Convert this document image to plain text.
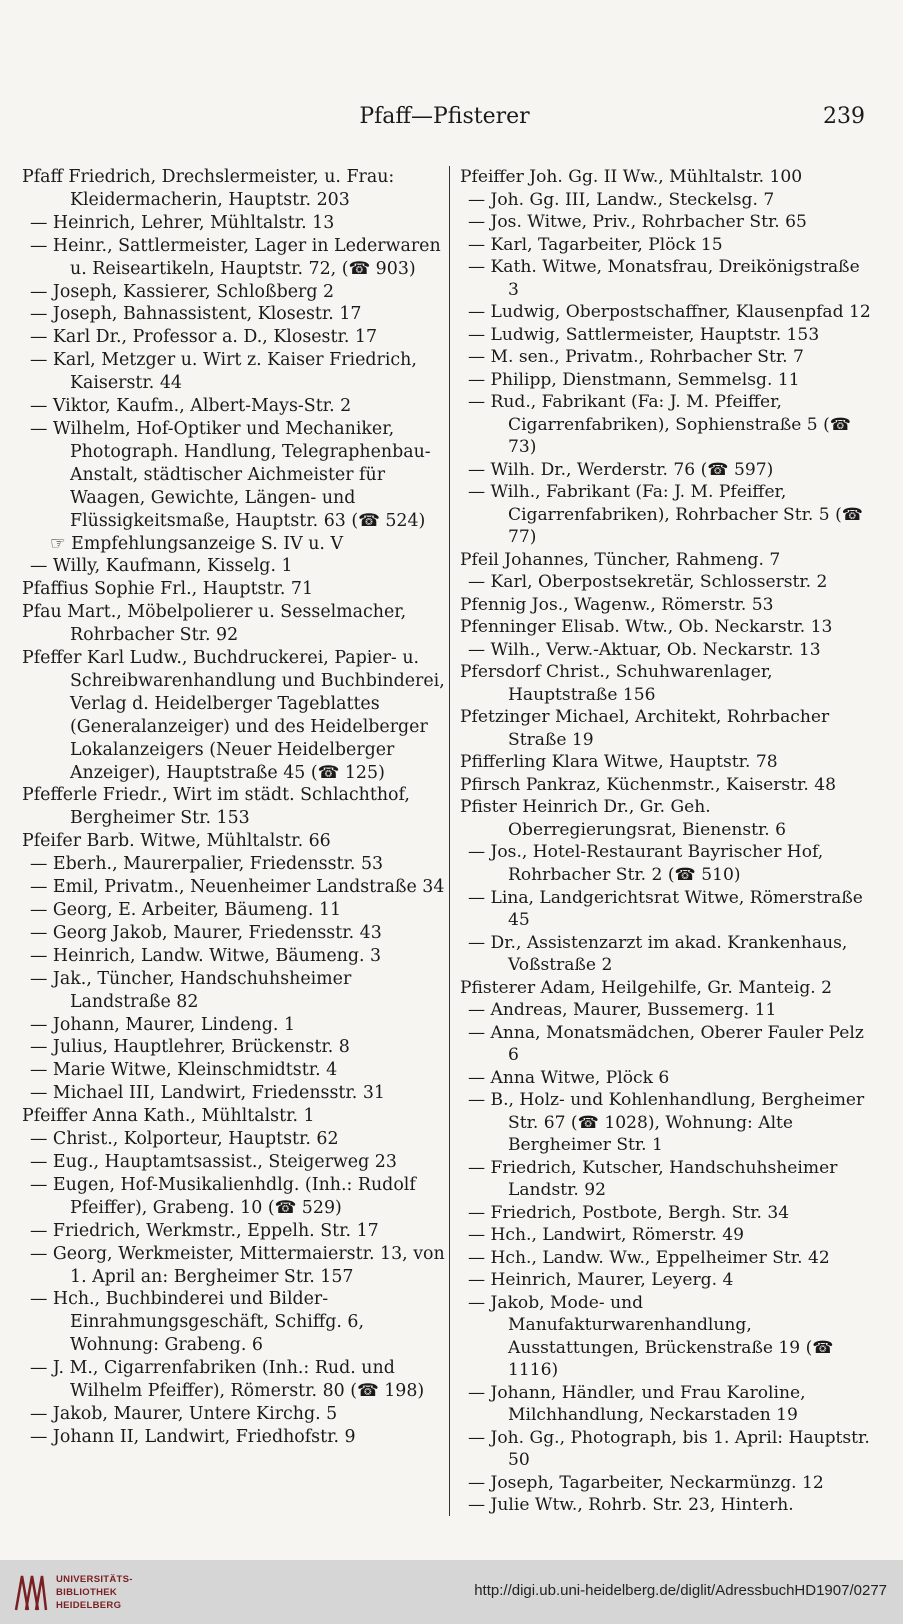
Pfaff—Pfisterer	239

Pfaff Friedrich, Drechslermeister, u. Frau: Kleidermacherin, Hauptstr. 203

— Heinrich, Lehrer, Mühltalstr. 13

— Heinr., Sattlermeister, Lager in Lederwaren u. Reiseartikeln, Hauptstr. 72, (☎ 903)

— Joseph, Kassierer, Schloßberg 2

— Joseph, Bahnassistent, Klosestr. 17

— Karl Dr., Professor a. D., Klosestr. 17

— Karl, Metzger u. Wirt z. Kaiser Friedrich, Kaiserstr. 44

— Viktor, Kaufm., Albert-Mays-Str. 2

— Wilhelm, Hof-Optiker und Mechaniker, Photograph. Handlung, Telegraphenbau-Anstalt, städtischer Aichmeister für Waagen, Gewichte, Längen- und Flüssigkeitsmaße, Hauptstr. 63 (☎ 524)

☞ Empfehlungsanzeige S. IV u. V

— Willy, Kaufmann, Kisselg. 1

Pfaffius Sophie Frl., Hauptstr. 71

Pfau Mart., Möbelpolierer u. Sesselmacher, Rohrbacher Str. 92

Pfeffer Karl Ludw., Buchdruckerei, Papier- u. Schreibwarenhandlung und Buchbinderei, Verlag d. Heidelberger Tageblattes (Generalanzeiger) und des Heidelberger Lokalanzeigers (Neuer Heidelberger Anzeiger), Hauptstraße 45 (☎ 125)

Pfefferle Friedr., Wirt im städt. Schlachthof, Bergheimer Str. 153

Pfeifer Barb. Witwe, Mühltalstr. 66

— Eberh., Maurerpalier, Friedensstr. 53

— Emil, Privatm., Neuenheimer Landstraße 34

— Georg, E. Arbeiter, Bäumeng. 11

— Georg Jakob, Maurer, Friedensstr. 43

— Heinrich, Landw. Witwe, Bäumeng. 3

— Jak., Tüncher, Handschuhsheimer Landstraße 82

— Johann, Maurer, Lindeng. 1

— Julius, Hauptlehrer, Brückenstr. 8

— Marie Witwe, Kleinschmidtstr. 4

— Michael III, Landwirt, Friedensstr. 31

Pfeiffer Anna Kath., Mühltalstr. 1

— Christ., Kolporteur, Hauptstr. 62

— Eug., Hauptamtsassist., Steigerweg 23

— Eugen, Hof-Musikalienhdlg. (Inh.: Rudolf Pfeiffer), Grabeng. 10 (☎ 529)

— Friedrich, Werkmstr., Eppelh. Str. 17

— Georg, Werkmeister, Mittermaierstr. 13, von 1. April an: Bergheimer Str. 157

— Hch., Buchbinderei und Bilder-Einrahmungsgeschäft, Schiffg. 6, Wohnung: Grabeng. 6

— J. M., Cigarrenfabriken (Inh.: Rud. und Wilhelm Pfeiffer), Römerstr. 80 (☎ 198)

— Jakob, Maurer, Untere Kirchg. 5

— Johann II, Landwirt, Friedhofstr. 9

Pfeiffer Joh. Gg. II Ww., Mühltalstr. 100

— Joh. Gg. III, Landw., Steckelsg. 7

— Jos. Witwe, Priv., Rohrbacher Str. 65

— Karl, Tagarbeiter, Plöck 15

— Kath. Witwe, Monatsfrau, Dreikönigstraße 3

— Ludwig, Oberpostschaffner, Klausenpfad 12

— Ludwig, Sattlermeister, Hauptstr. 153

— M. sen., Privatm., Rohrbacher Str. 7

— Philipp, Dienstmann, Semmelsg. 11

— Rud., Fabrikant (Fa: J. M. Pfeiffer, Cigarrenfabriken), Sophienstraße 5 (☎ 73)

— Wilh. Dr., Werderstr. 76 (☎ 597)

— Wilh., Fabrikant (Fa: J. M. Pfeiffer, Cigarrenfabriken), Rohrbacher Str. 5 (☎ 77)

Pfeil Johannes, Tüncher, Rahmeng. 7

— Karl, Oberpostsekretär, Schlosserstr. 2

Pfennig Jos., Wagenw., Römerstr. 53

Pfenninger Elisab. Wtw., Ob. Neckarstr. 13

— Wilh., Verw.-Aktuar, Ob. Neckarstr. 13

Pfersdorf Christ., Schuhwarenlager, Hauptstraße 156

Pfetzinger Michael, Architekt, Rohrbacher Straße 19

Pfifferling Klara Witwe, Hauptstr. 78

Pfirsch Pankraz, Küchenmstr., Kaiserstr. 48

Pfister Heinrich Dr., Gr. Geh. Oberregierungsrat, Bienenstr. 6

— Jos., Hotel-Restaurant Bayrischer Hof, Rohrbacher Str. 2 (☎ 510)

— Lina, Landgerichtsrat Witwe, Römerstraße 45

— Dr., Assistenzarzt im akad. Krankenhaus, Voßstraße 2

Pfisterer Adam, Heilgehilfe, Gr. Manteig. 2

— Andreas, Maurer, Bussemerg. 11

— Anna, Monatsmädchen, Oberer Fauler Pelz 6

— Anna Witwe, Plöck 6

— B., Holz- und Kohlenhandlung, Bergheimer Str. 67 (☎ 1028), Wohnung: Alte Bergheimer Str. 1

— Friedrich, Kutscher, Handschuhsheimer Landstr. 92

— Friedrich, Postbote, Bergh. Str. 34

— Hch., Landwirt, Römerstr. 49

— Hch., Landw. Ww., Eppelheimer Str. 42

— Heinrich, Maurer, Leyerg. 4

— Jakob, Mode- und Manufakturwarenhandlung, Ausstattungen, Brückenstraße 19 (☎ 1116)

— Johann, Händler, und Frau Karoline, Milchhandlung, Neckarstaden 19

— Joh. Gg., Photograph, bis 1. April: Hauptstr. 50

— Joseph, Tagarbeiter, Neckarmünzg. 12

— Julie Wtw., Rohrb. Str. 23, Hinterh.

UNIVERSITÄTS-
BIBLIOTHEK
HEIDELBERG
http://digi.ub.uni-heidelberg.de/diglit/AdressbuchHD1907/0277
